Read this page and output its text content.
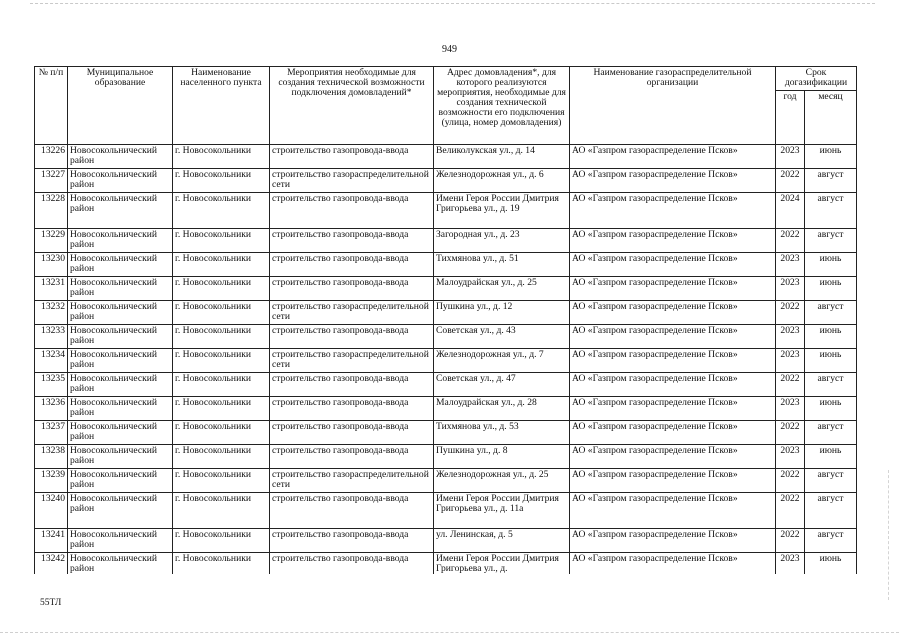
949
№ п/п	Муниципальное образование	Наименование населенного пункта	Мероприятия необходимые для создания технической возможности подключения домовладений*	Адрес домовладения*, для которого реализуются мероприятия, необходимые для создания технической возможности его подключения (улица, номер домовладения)	Наименование газораспределительной организации	Срок догазификации	
						год	месяц
13226	Новосокольнический район	г. Новосокольники	строительство газопровода-ввода	Великолукская ул., д. 14	АО «Газпром газораспределение Псков»	2023	июнь
13227	Новосокольнический район	г. Новосокольники	строительство газораспределительной сети	Железнодорожная ул., д. 6	АО «Газпром газораспределение Псков»	2022	август
13228	Новосокольнический район	г. Новосокольники	строительство газопровода-ввода	Имени Героя России Дмитрия Григорьева ул., д. 19	АО «Газпром газораспределение Псков»	2024	август
13229	Новосокольнический район	г. Новосокольники	строительство газопровода-ввода	Загородная ул., д. 23	АО «Газпром газораспределение Псков»	2022	август
13230	Новосокольнический район	г. Новосокольники	строительство газопровода-ввода	Тихмянова ул., д. 51	АО «Газпром газораспределение Псков»	2023	июнь
13231	Новосокольнический район	г. Новосокольники	строительство газопровода-ввода	Малоудрайская ул., д. 25	АО «Газпром газораспределение Псков»	2023	июнь
13232	Новосокольнический район	г. Новосокольники	строительство газораспределительной сети	Пушкина ул., д. 12	АО «Газпром газораспределение Псков»	2022	август
13233	Новосокольнический район	г. Новосокольники	строительство газопровода-ввода	Советская ул., д. 43	АО «Газпром газораспределение Псков»	2023	июнь
13234	Новосокольнический район	г. Новосокольники	строительство газораспределительной сети	Железнодорожная ул., д. 7	АО «Газпром газораспределение Псков»	2023	июнь
13235	Новосокольнический район	г. Новосокольники	строительство газопровода-ввода	Советская ул., д. 47	АО «Газпром газораспределение Псков»	2022	август
13236	Новосокольнический район	г. Новосокольники	строительство газопровода-ввода	Малоудрайская ул., д. 28	АО «Газпром газораспределение Псков»	2023	июнь
13237	Новосокольнический район	г. Новосокольники	строительство газопровода-ввода	Тихмянова ул., д. 53	АО «Газпром газораспределение Псков»	2022	август
13238	Новосокольнический район	г. Новосокольники	строительство газопровода-ввода	Пушкина ул., д. 8	АО «Газпром газораспределение Псков»	2023	июнь
13239	Новосокольнический район	г. Новосокольники	строительство газораспределительной сети	Железнодорожная ул., д. 25	АО «Газпром газораспределение Псков»	2022	август
13240	Новосокольнический район	г. Новосокольники	строительство газопровода-ввода	Имени Героя России Дмитрия Григорьева ул., д. 11а	АО «Газпром газораспределение Псков»	2022	август
13241	Новосокольнический район	г. Новосокольники	строительство газопровода-ввода	ул. Ленинская, д. 5	АО «Газпром газораспределение Псков»	2022	август
13242	Новосокольнический район	г. Новосокольники	строительство газопровода-ввода	Имени Героя России Дмитрия Григорьева ул., д.	АО «Газпром газораспределение Псков»	2023	июнь
55ТЛ
